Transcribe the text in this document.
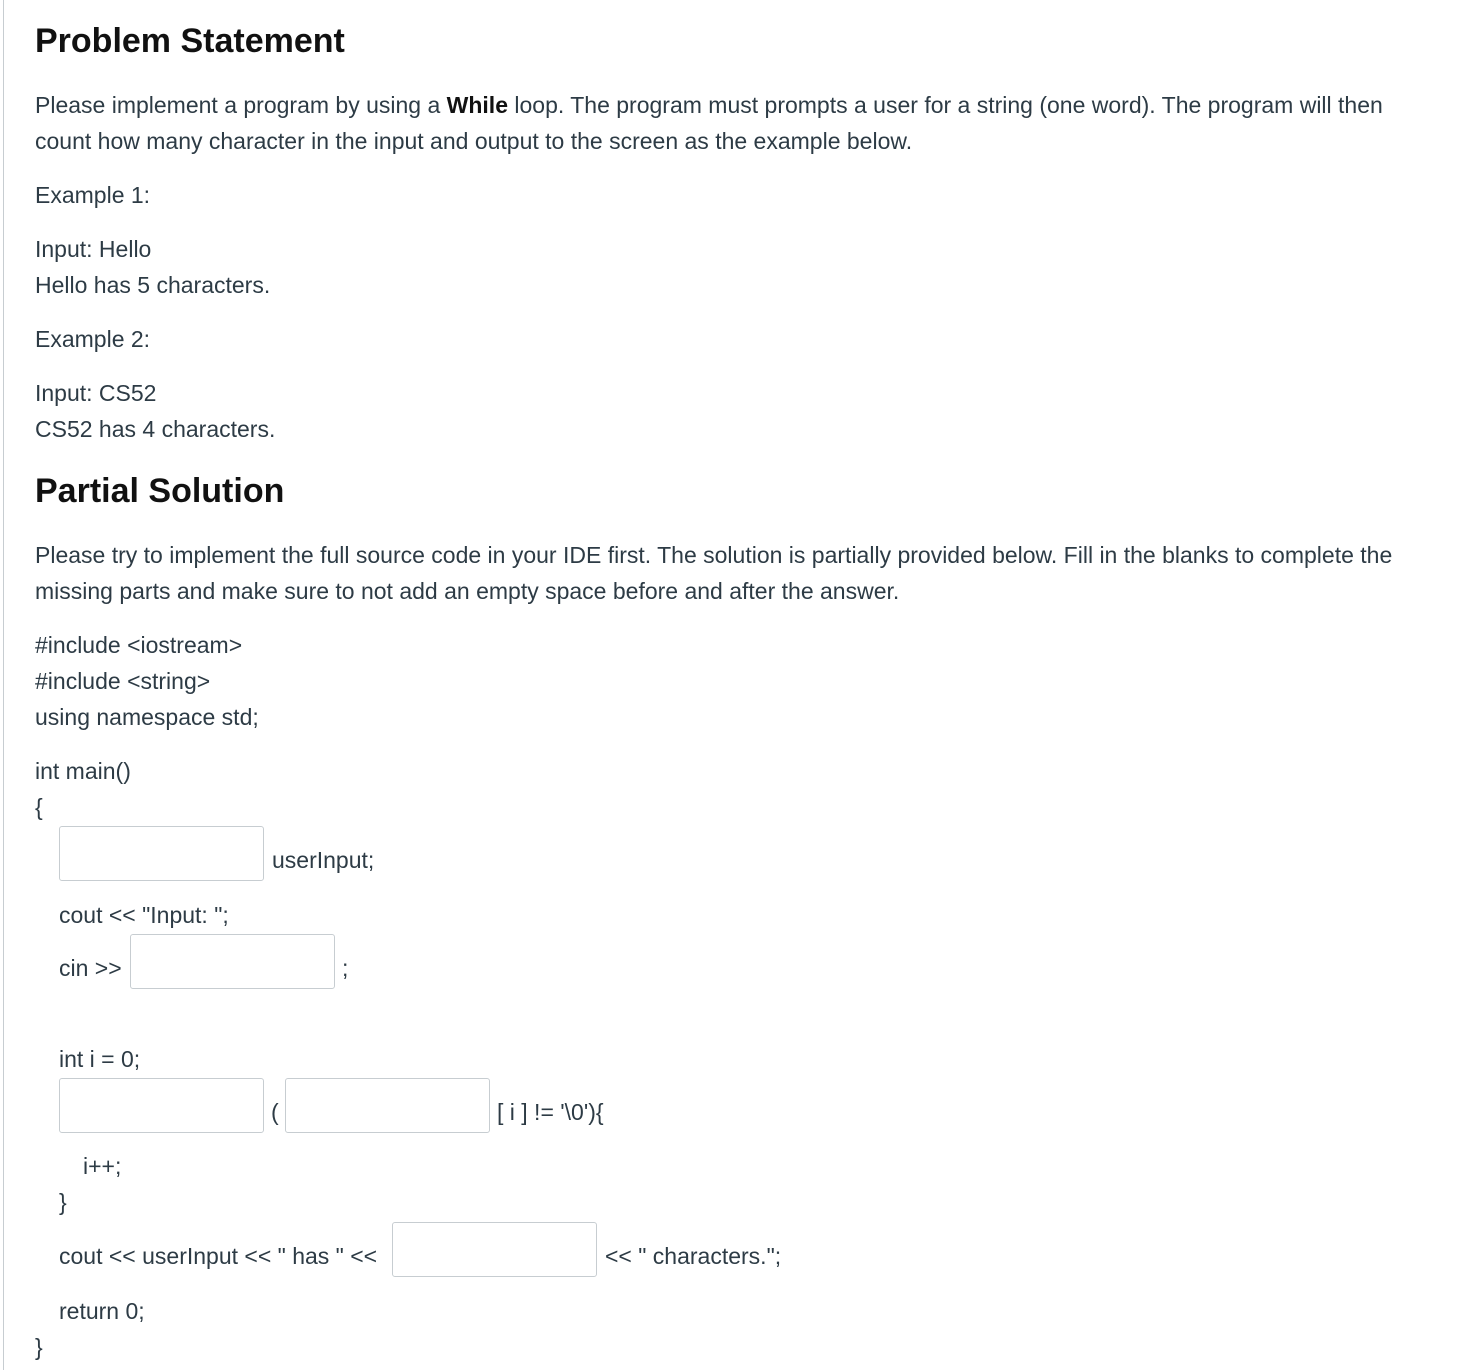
Problem Statement

Please implement a program by using a While loop. The program must prompts a user for a string (one word). The program will then count how many character in the input and output to the screen as the example below.

Example 1:

Input: Hello

Hello has 5 characters.

Example 2:

Input: CS52

CS52 has 4 characters.

Partial Solution

Please try to implement the full source code in your IDE first. The solution is partially provided below. Fill in the blanks to complete the missing parts and make sure to not add an empty space before and after the answer.

#include <iostream>
#include <string>
using namespace std;
int main()
{
userInput;
cout << "Input: ";
cin >>	;
int i = 0;
(	[ i ] != '\0'){
i++;
}
cout << userInput << " has " <<	<< " characters.";
return 0;
}
